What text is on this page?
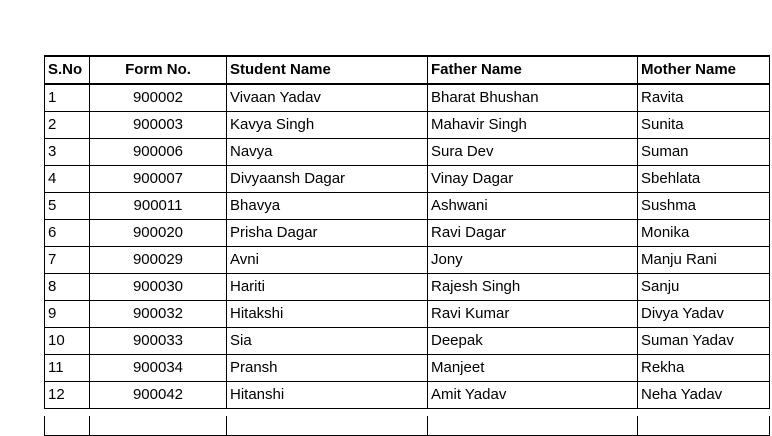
S.No	Form No.	Student Name	Father Name	Mother Name
1	900002	Vivaan Yadav	Bharat Bhushan	Ravita
2	900003	Kavya Singh	Mahavir Singh	Sunita
3	900006	Navya	Sura Dev	Suman
4	900007	Divyaansh Dagar	Vinay Dagar	Sbehlata
5	900011	Bhavya	Ashwani	Sushma
6	900020	Prisha Dagar	Ravi Dagar	Monika
7	900029	Avni	Jony	Manju Rani
8	900030	Hariti	Rajesh Singh	Sanju
9	900032	Hitakshi	Ravi Kumar	Divya Yadav
10	900033	Sia	Deepak	Suman Yadav
11	900034	Pransh	Manjeet	Rekha
12	900042	Hitanshi	Amit Yadav	Neha Yadav
